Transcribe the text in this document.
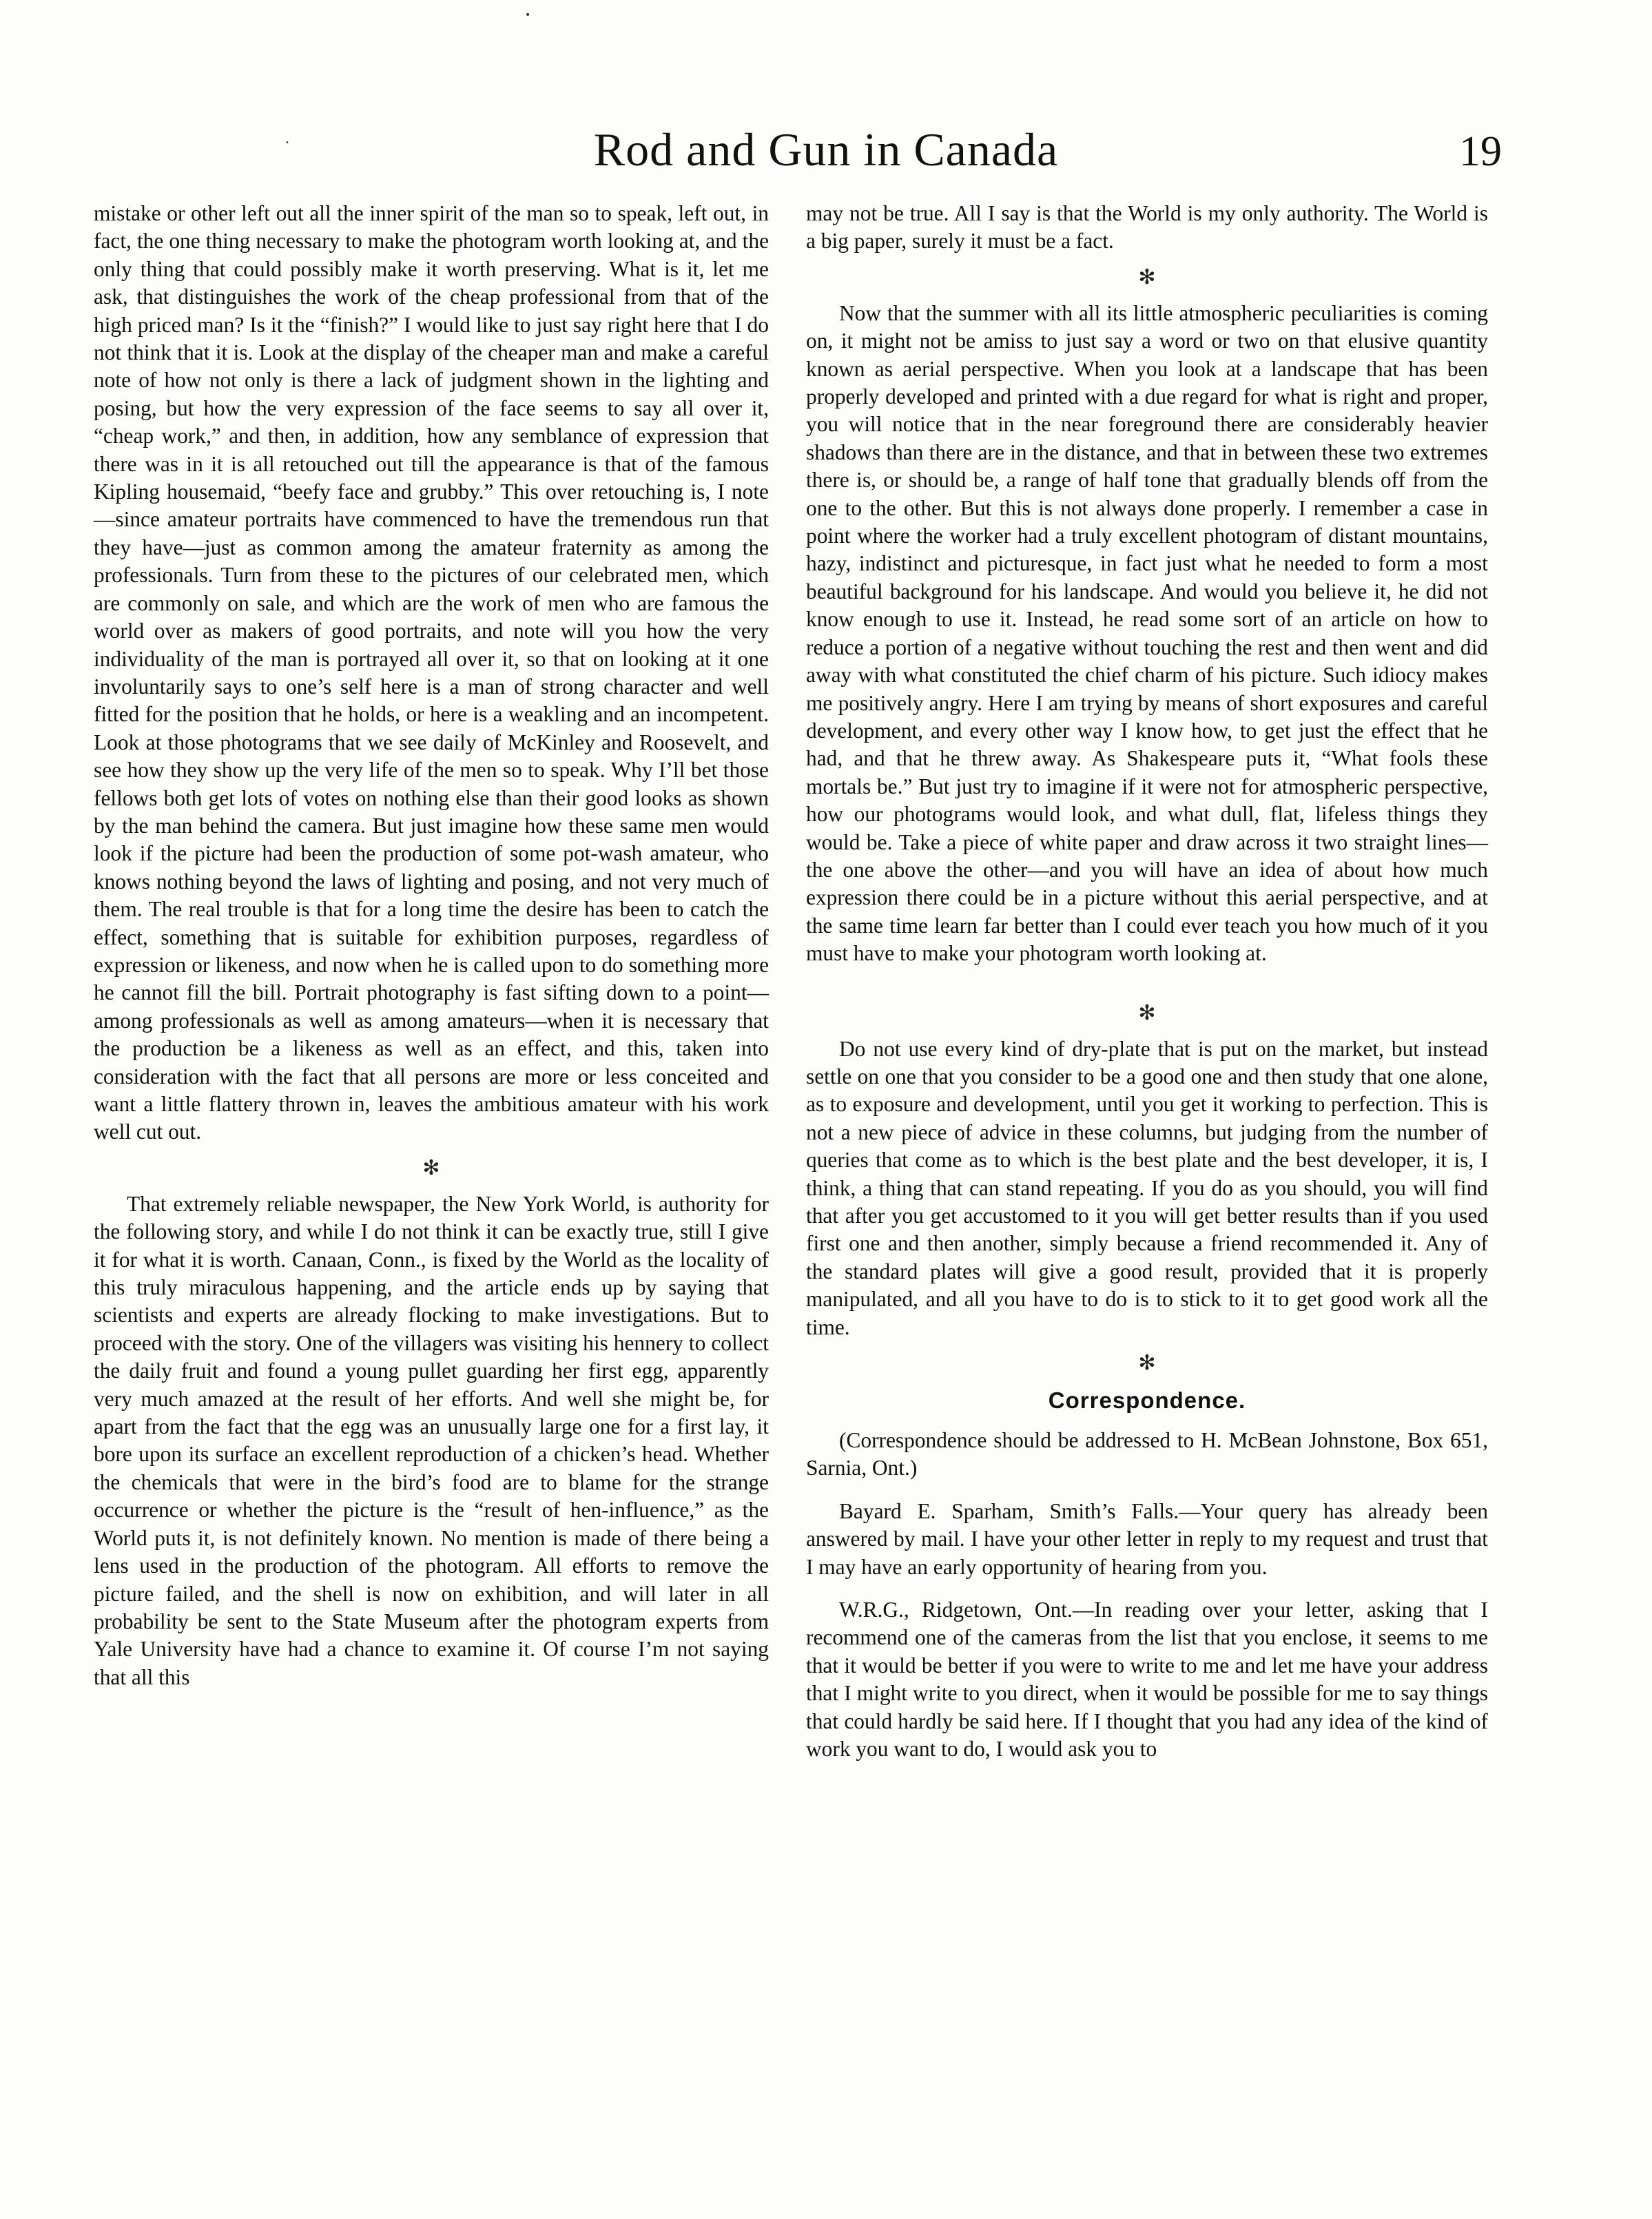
•
•	Rod and Gun in Canada	19

mistake or other left out all the inner spirit of the man so to speak, left out, in fact, the one thing necessary to make the photogram worth looking at, and the only thing that could possibly make it worth preserving. What is it, let me ask, that distinguishes the work of the cheap professional from that of the high priced man? Is it the “finish?” I would like to just say right here that I do not think that it is. Look at the display of the cheaper man and make a careful note of how not only is there a lack of judgment shown in the lighting and posing, but how the very expression of the face seems to say all over it, “cheap work,” and then, in addition, how any semblance of expression that there was in it is all retouched out till the appearance is that of the famous Kipling housemaid, “beefy face and grubby.” This over retouching is, I note—since amateur portraits have commenced to have the tremendous run that they have—just as common among the amateur fraternity as among the professionals. Turn from these to the pictures of our celebrated men, which are commonly on sale, and which are the work of men who are famous the world over as makers of good portraits, and note will you how the very individuality of the man is portrayed all over it, so that on looking at it one involuntarily says to one’s self here is a man of strong character and well fitted for the position that he holds, or here is a weakling and an incompetent. Look at those photograms that we see daily of McKinley and Roosevelt, and see how they show up the very life of the men so to speak. Why I’ll bet those fellows both get lots of votes on nothing else than their good looks as shown by the man behind the camera. But just imagine how these same men would look if the picture had been the production of some pot-wash amateur, who knows nothing beyond the laws of lighting and posing, and not very much of them. The real trouble is that for a long time the desire has been to catch the effect, something that is suitable for exhibition purposes, regardless of expression or likeness, and now when he is called upon to do something more he cannot fill the bill. Portrait photography is fast sifting down to a point—among professionals as well as among amateurs—when it is necessary that the production be a likeness as well as an effect, and this, taken into consideration with the fact that all persons are more or less conceited and want a little flattery thrown in, leaves the ambitious amateur with his work well cut out.

✻

That extremely reliable newspaper, the New York World, is authority for the following story, and while I do not think it can be exactly true, still I give it for what it is worth. Canaan, Conn., is fixed by the World as the locality of this truly miraculous happening, and the article ends up by saying that scientists and experts are already flocking to make investigations. But to proceed with the story. One of the villagers was visiting his hennery to collect the daily fruit and found a young pullet guarding her first egg, apparently very much amazed at the result of her efforts. And well she might be, for apart from the fact that the egg was an unusually large one for a first lay, it bore upon its surface an excellent reproduction of a chicken’s head. Whether the chemicals that were in the bird’s food are to blame for the strange occurrence or whether the picture is the “result of hen-influence,” as the World puts it, is not definitely known. No mention is made of there being a lens used in the production of the photogram. All efforts to remove the picture failed, and the shell is now on exhibition, and will later in all probability be sent to the State Museum after the photogram experts from Yale University have had a chance to examine it. Of course I’m not saying that all this

may not be true. All I say is that the World is my only authority. The World is a big paper, surely it must be a fact.

✻

Now that the summer with all its little atmospheric peculiarities is coming on, it might not be amiss to just say a word or two on that elusive quantity known as aerial perspective. When you look at a landscape that has been properly developed and printed with a due regard for what is right and proper, you will notice that in the near foreground there are considerably heavier shadows than there are in the distance, and that in between these two extremes there is, or should be, a range of half tone that gradually blends off from the one to the other. But this is not always done properly. I remember a case in point where the worker had a truly excellent photogram of distant mountains, hazy, indistinct and picturesque, in fact just what he needed to form a most beautiful background for his landscape. And would you believe it, he did not know enough to use it. Instead, he read some sort of an article on how to reduce a portion of a negative without touching the rest and then went and did away with what constituted the chief charm of his picture. Such idiocy makes me positively angry. Here I am trying by means of short exposures and careful development, and every other way I know how, to get just the effect that he had, and that he threw away. As Shakespeare puts it, “What fools these mortals be.” But just try to imagine if it were not for atmospheric perspective, how our photograms would look, and what dull, flat, lifeless things they would be. Take a piece of white paper and draw across it two straight lines—the one above the other—and you will have an idea of about how much expression there could be in a picture without this aerial perspective, and at the same time learn far better than I could ever teach you how much of it you must have to make your photogram worth looking at.

✻

Do not use every kind of dry-plate that is put on the market, but instead settle on one that you consider to be a good one and then study that one alone, as to exposure and development, until you get it working to perfection. This is not a new piece of advice in these columns, but judging from the number of queries that come as to which is the best plate and the best developer, it is, I think, a thing that can stand repeating. If you do as you should, you will find that after you get accustomed to it you will get better results than if you used first one and then another, simply because a friend recommended it. Any of the standard plates will give a good result, provided that it is properly manipulated, and all you have to do is to stick to it to get good work all the time.

✻
Correspondence.

(Correspondence should be addressed to H. McBean Johnstone, Box 651, Sarnia, Ont.)

Bayard E. Sparham, Smith’s Falls.—Your query has already been answered by mail. I have your other letter in reply to my request and trust that I may have an early opportunity of hearing from you.

W.R.G., Ridgetown, Ont.—In reading over your letter, asking that I recommend one of the cameras from the list that you enclose, it seems to me that it would be better if you were to write to me and let me have your address that I might write to you direct, when it would be possible for me to say things that could hardly be said here. If I thought that you had any idea of the kind of work you want to do, I would ask you to
